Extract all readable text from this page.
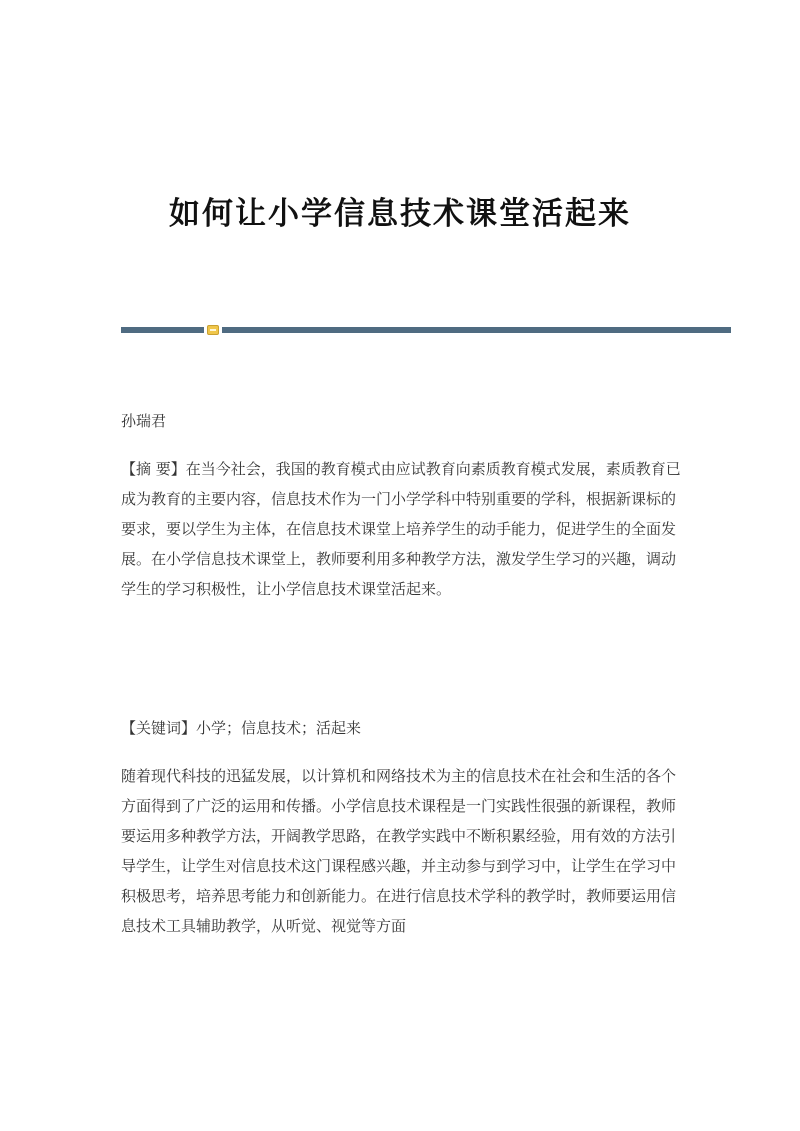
如何让小学信息技术课堂活起来
孙瑞君
【摘 要】在当今社会，我国的教育模式由应试教育向素质教育模式发展，素质教育已成为教育的主要内容，信息技术作为一门小学学科中特别重要的学科，根据新课标的要求，要以学生为主体，在信息技术课堂上培养学生的动手能力，促进学生的全面发展。在小学信息技术课堂上，教师要利用多种教学方法，激发学生学习的兴趣，调动学生的学习积极性，让小学信息技术课堂活起来。
【关键词】小学；信息技术；活起来
随着现代科技的迅猛发展，以计算机和网络技术为主的信息技术在社会和生活的各个方面得到了广泛的运用和传播。小学信息技术课程是一门实践性很强的新课程，教师要运用多种教学方法，开阔教学思路，在教学实践中不断积累经验，用有效的方法引导学生，让学生对信息技术这门课程感兴趣，并主动参与到学习中，让学生在学习中积极思考，培养思考能力和创新能力。在进行信息技术学科的教学时，教师要运用信息技术工具辅助教学，从听觉、视觉等方面
